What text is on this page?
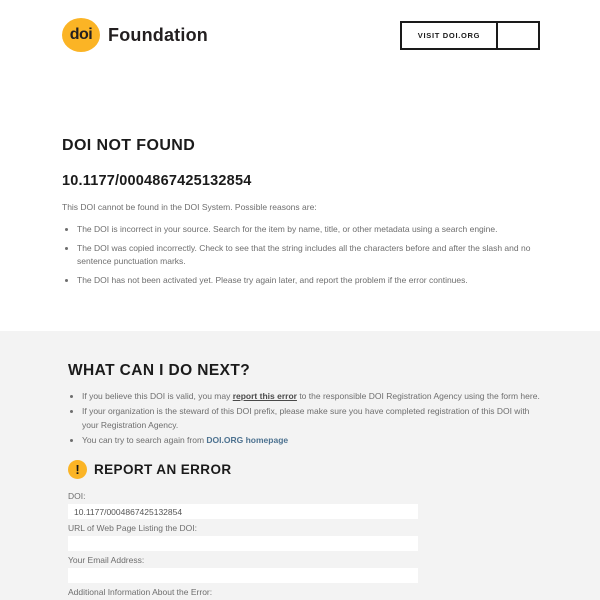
doi Foundation	VISIT DOI.ORG
DOI NOT FOUND
10.1177/0004867425132854

This DOI cannot be found in the DOI System. Possible reasons are:

• The DOI is incorrect in your source. Search for the item by name, title, or other metadata using a search engine.
• The DOI was copied incorrectly. Check to see that the string includes all the characters before and after the slash and no sentence punctuation marks.
• The DOI has not been activated yet. Please try again later, and report the problem if the error continues.
WHAT CAN I DO NEXT?
• If you believe this DOI is valid, you may report this error to the responsible DOI Registration Agency using the form here.
• If your organization is the steward of this DOI prefix, please make sure you have completed registration of this DOI with your Registration Agency.
• You can try to search again from DOI.ORG homepage
!	REPORT AN ERROR
DOI:
10.1177/0004867425132854
URL of Web Page Listing the DOI:
Your Email Address:
Additional Information About the Error:
